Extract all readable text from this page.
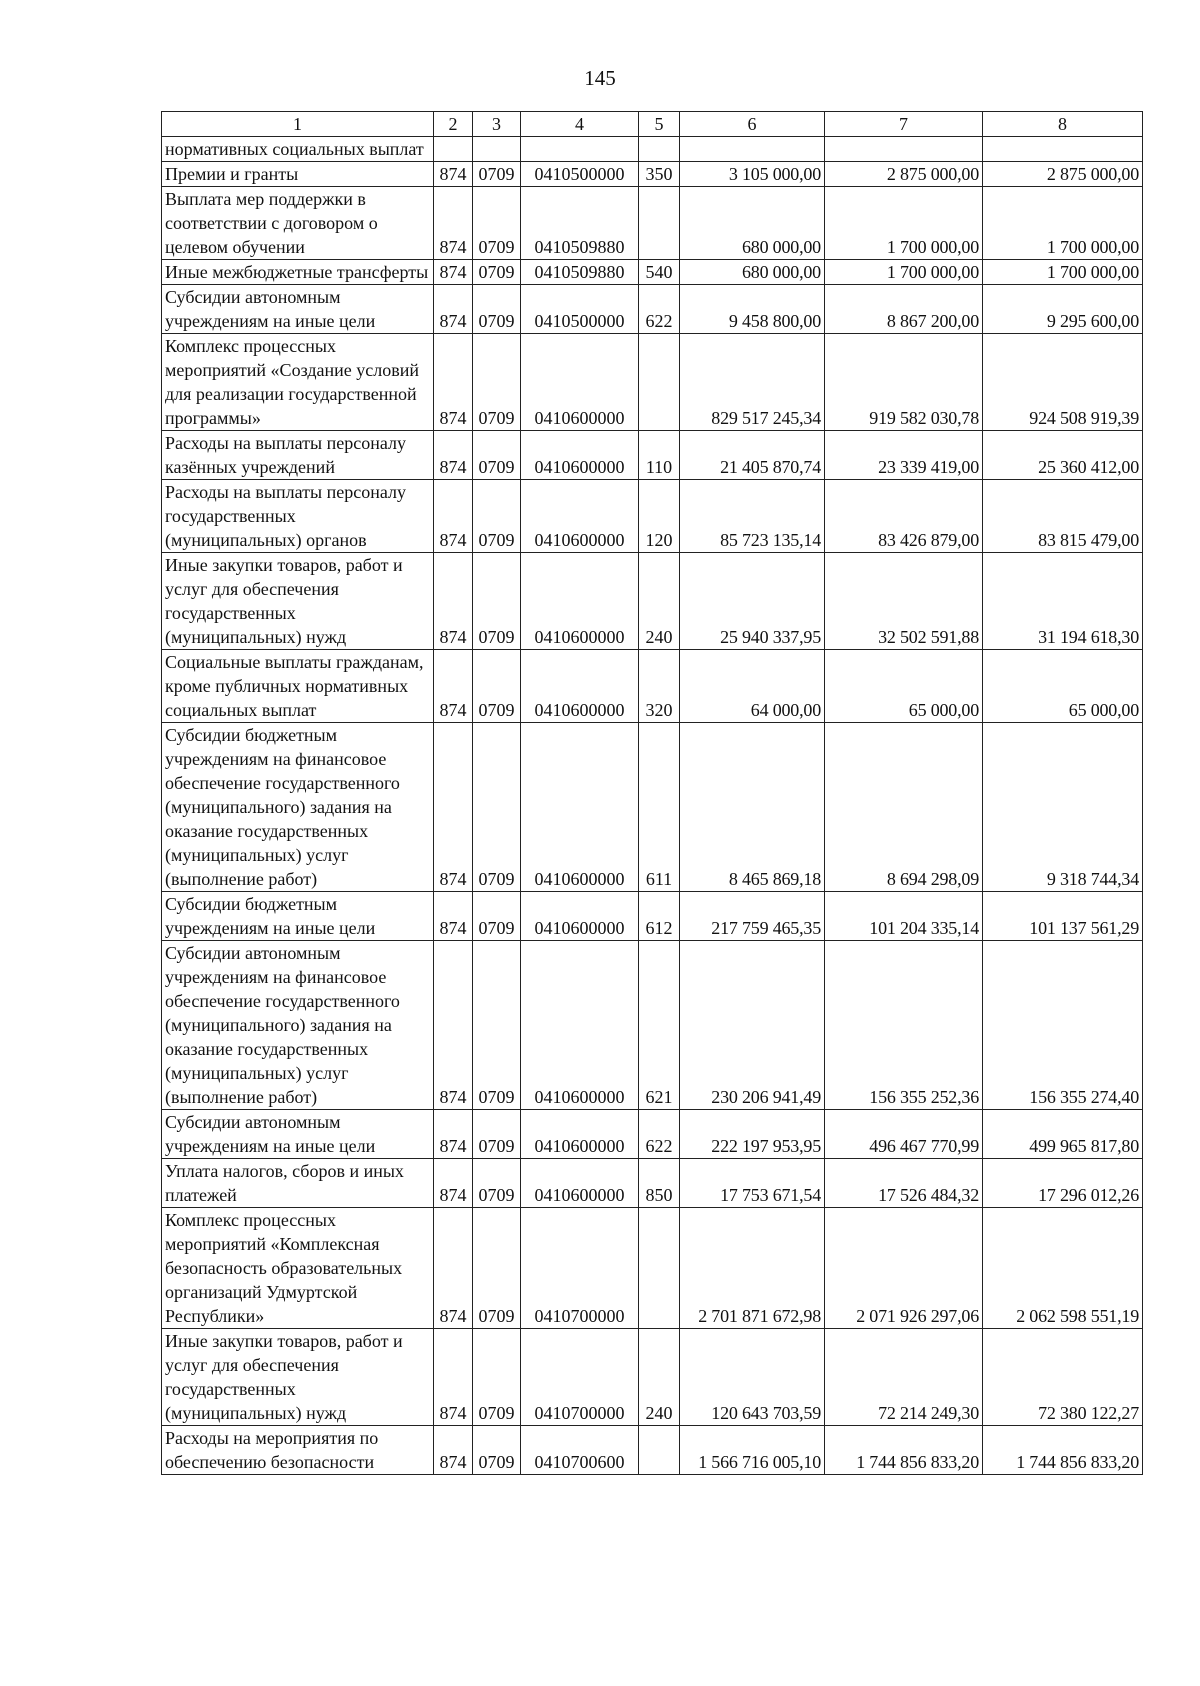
145
1	2	3	4	5	6	7	8
нормативных социальных выплат							
Премии и гранты	874	0709	0410500000	350	3 105 000,00	2 875 000,00	2 875 000,00
Выплата мер поддержки в соответствии с договором о целевом обучении	874	0709	0410509880		680 000,00	1 700 000,00	1 700 000,00
Иные межбюджетные трансферты	874	0709	0410509880	540	680 000,00	1 700 000,00	1 700 000,00
Субсидии автономным учреждениям на иные цели	874	0709	0410500000	622	9 458 800,00	8 867 200,00	9 295 600,00
Комплекс процессных мероприятий «Создание условий для реализации государственной программы»	874	0709	0410600000		829 517 245,34	919 582 030,78	924 508 919,39
Расходы на выплаты персоналу казённых учреждений	874	0709	0410600000	110	21 405 870,74	23 339 419,00	25 360 412,00
Расходы на выплаты персоналу государственных (муниципальных) органов	874	0709	0410600000	120	85 723 135,14	83 426 879,00	83 815 479,00
Иные закупки товаров, работ и услуг для обеспечения государственных (муниципальных) нужд	874	0709	0410600000	240	25 940 337,95	32 502 591,88	31 194 618,30
Социальные выплаты гражданам, кроме публичных нормативных социальных выплат	874	0709	0410600000	320	64 000,00	65 000,00	65 000,00
Субсидии бюджетным учреждениям на финансовое обеспечение государственного (муниципального) задания на оказание государственных (муниципальных) услуг (выполнение работ)	874	0709	0410600000	611	8 465 869,18	8 694 298,09	9 318 744,34
Субсидии бюджетным учреждениям на иные цели	874	0709	0410600000	612	217 759 465,35	101 204 335,14	101 137 561,29
Субсидии автономным учреждениям на финансовое обеспечение государственного (муниципального) задания на оказание государственных (муниципальных) услуг (выполнение работ)	874	0709	0410600000	621	230 206 941,49	156 355 252,36	156 355 274,40
Субсидии автономным учреждениям на иные цели	874	0709	0410600000	622	222 197 953,95	496 467 770,99	499 965 817,80
Уплата налогов, сборов и иных платежей	874	0709	0410600000	850	17 753 671,54	17 526 484,32	17 296 012,26
Комплекс процессных мероприятий «Комплексная безопасность образовательных организаций Удмуртской Республики»	874	0709	0410700000		2 701 871 672,98	2 071 926 297,06	2 062 598 551,19
Иные закупки товаров, работ и услуг для обеспечения государственных (муниципальных) нужд	874	0709	0410700000	240	120 643 703,59	72 214 249,30	72 380 122,27
Расходы на мероприятия по обеспечению безопасности	874	0709	0410700600		1 566 716 005,10	1 744 856 833,20	1 744 856 833,20
